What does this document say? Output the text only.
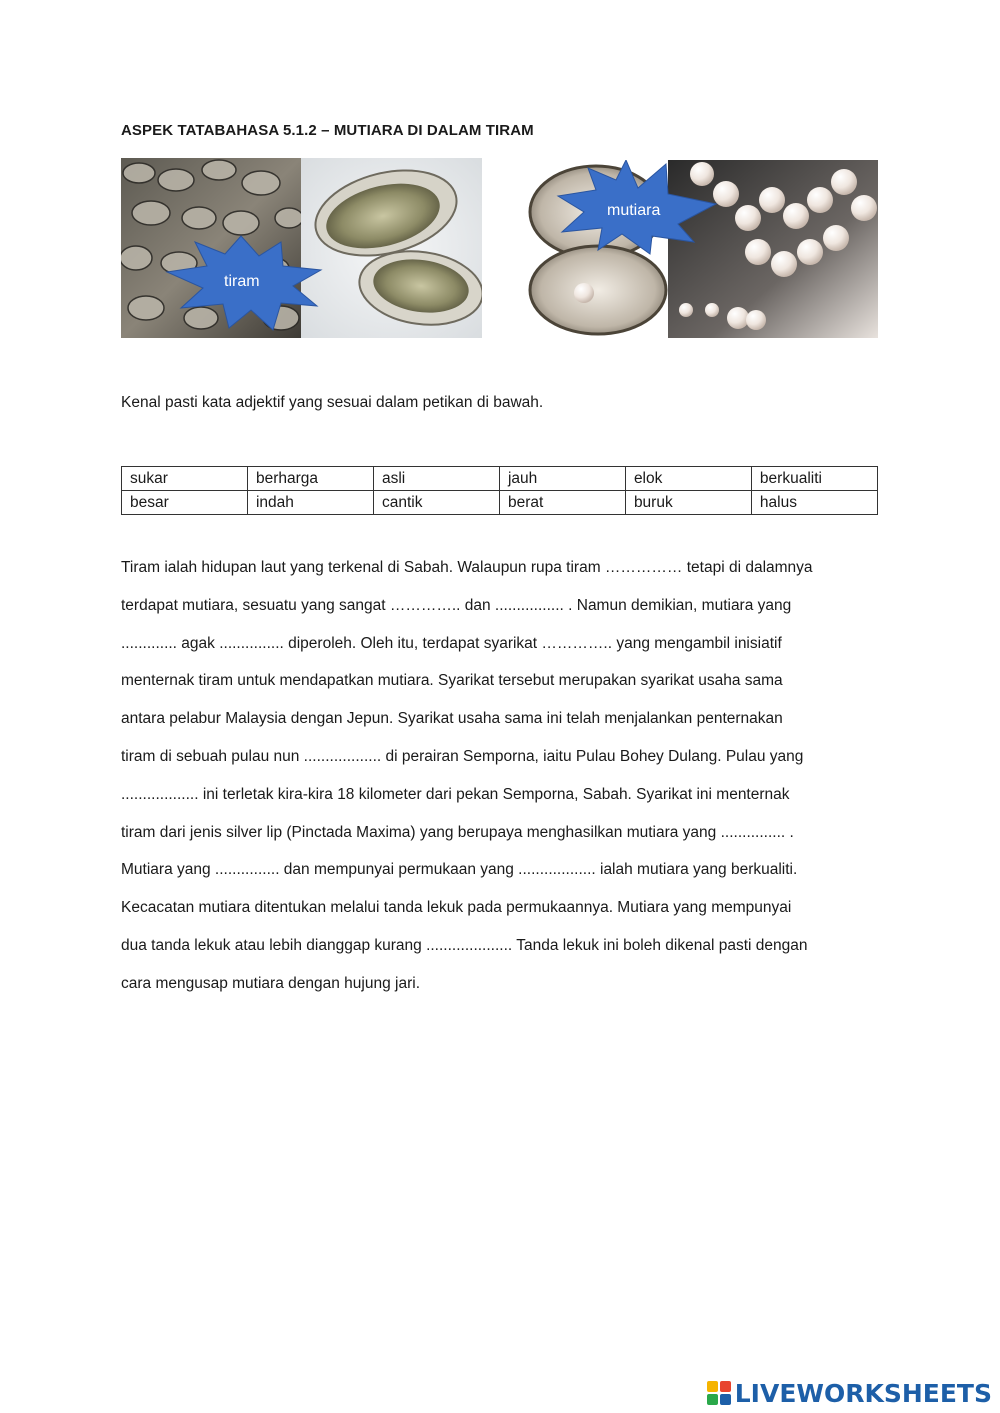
ASPEK TATABAHASA 5.1.2 – MUTIARA DI DALAM TIRAM
tiram
mutiara
Kenal pasti kata adjektif yang sesuai dalam petikan di bawah.
sukar	berharga	asli	jauh	elok	berkualiti
besar	indah	cantik	berat	buruk	halus

Tiram ialah hidupan laut yang terkenal di Sabah. Walaupun rupa tiram …………… tetapi di dalamnya
terdapat mutiara, sesuatu yang sangat ………….. dan ................ . Namun demikian, mutiara yang
............. agak ............... diperoleh. Oleh itu, terdapat syarikat ………….. yang mengambil inisiatif
menternak tiram untuk mendapatkan mutiara. Syarikat tersebut merupakan syarikat usaha sama
antara pelabur Malaysia dengan Jepun. Syarikat usaha sama ini telah menjalankan penternakan
tiram di sebuah pulau nun .................. di perairan Semporna, iaitu Pulau Bohey Dulang. Pulau yang
.................. ini terletak kira-kira 18 kilometer dari pekan Semporna, Sabah. Syarikat ini menternak
tiram dari jenis silver lip (Pinctada Maxima) yang berupaya menghasilkan mutiara yang ............... .
Mutiara yang ............... dan mempunyai permukaan yang .................. ialah mutiara yang berkualiti.
Kecacatan mutiara ditentukan melalui tanda lekuk pada permukaannya. Mutiara yang mempunyai
dua tanda lekuk atau lebih dianggap kurang .................... Tanda lekuk ini boleh dikenal pasti dengan
cara mengusap mutiara dengan hujung jari.

LIVEWORKSHEETS
